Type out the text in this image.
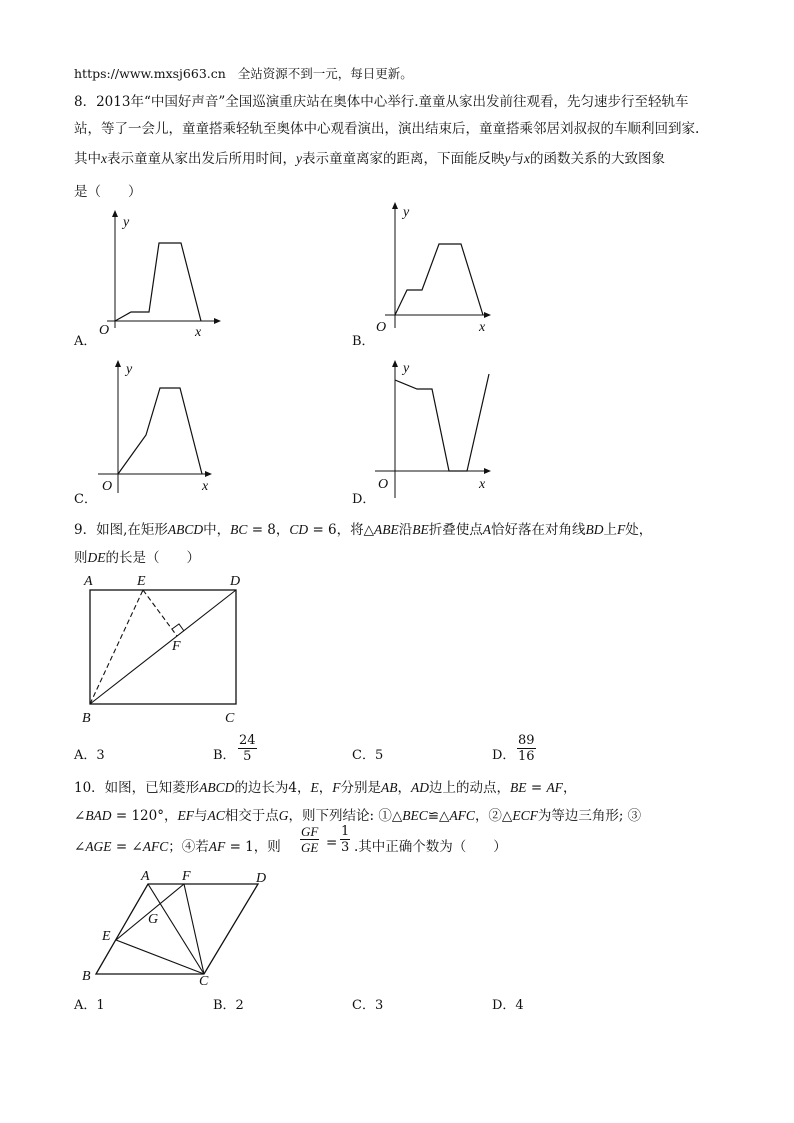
https://www.mxsj663.cn 全站资源不到一元，每日更新。
8．2013年“中国好声音”全国巡演重庆站在奥体中心举行.童童从家出发前往观看，先匀速步行至轻轨车
站，等了一会儿，童童搭乘轻轨至奥体中心观看演出，演出结束后，童童搭乘邻居刘叔叔的车顺利回到家.
其中x表示童童从家出发后所用时间，y表示童童离家的距离，下面能反映y与x的函数关系的大致图象
是（　　）
y
x
O
A．
y
x
O
B．
y
x
O
C．
y
x
O
D．
9．如图,在矩形ABCD中，BC = 8，CD = 6，将△ABE沿BE折叠使点A恰好落在对角线BD上F处，
则DE的长是（　　）
A	E	D
F
B	C
A．3	B． $\frac{24}{5}$	C．5	D． $\frac{89}{16}$
10．如图，已知菱形ABCD的边长为4，E，F分别是AB，AD边上的动点，BE = AF，
∠BAD = 120°，EF与AC相交于点G，则下列结论: ①△BEC≌△AFC，②△ECF为等边三角形; ③
∠AGE = ∠AFC；④若AF = 1，则 $\frac{GF}{GE} = \frac{1}{3}$ .其中正确个数为（　　）
A F	D
G
E
B	C
A．1	B．2	C．3	D．4
